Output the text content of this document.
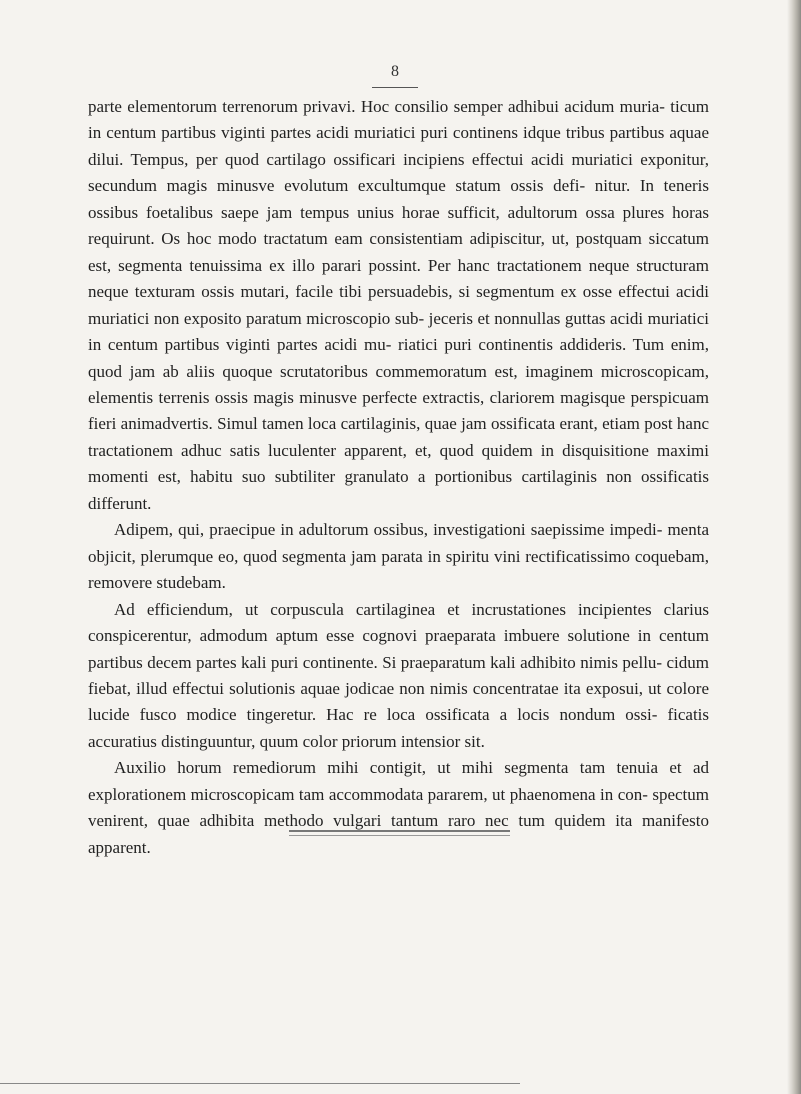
8

parte elementorum terrenorum privavi. Hoc consilio semper adhibui acidum muria- ticum in centum partibus viginti partes acidi muriatici puri continens idque tribus partibus aquae dilui. Tempus, per quod cartilago ossificari incipiens effectui acidi muriatici exponitur, secundum magis minusve evolutum excultumque statum ossis defi- nitur. In teneris ossibus foetalibus saepe jam tempus unius horae sufficit, adultorum ossa plures horas requirunt. Os hoc modo tractatum eam consistentiam adipiscitur, ut, postquam siccatum est, segmenta tenuissima ex illo parari possint. Per hanc tractationem neque structuram neque texturam ossis mutari, facile tibi persuadebis, si segmentum ex osse effectui acidi muriatici non exposito paratum microscopio sub- jeceris et nonnullas guttas acidi muriatici in centum partibus viginti partes acidi mu- riatici puri continentis addideris. Tum enim, quod jam ab aliis quoque scrutatoribus commemoratum est, imaginem microscopicam, elementis terrenis ossis magis minusve perfecte extractis, clariorem magisque perspicuam fieri animadvertis. Simul tamen loca cartilaginis, quae jam ossificata erant, etiam post hanc tractationem adhuc satis luculenter apparent, et, quod quidem in disquisitione maximi momenti est, habitu suo subtiliter granulato a portionibus cartilaginis non ossificatis differunt.

Adipem, qui, praecipue in adultorum ossibus, investigationi saepissime impedi- menta objicit, plerumque eo, quod segmenta jam parata in spiritu vini rectificatissimo coquebam, removere studebam.

Ad efficiendum, ut corpuscula cartilaginea et incrustationes incipientes clarius conspicerentur, admodum aptum esse cognovi praeparata imbuere solutione in centum partibus decem partes kali puri continente. Si praeparatum kali adhibito nimis pellu- cidum fiebat, illud effectui solutionis aquae jodicae non nimis concentratae ita exposui, ut colore lucide fusco modice tingeretur. Hac re loca ossificata a locis nondum ossi- ficatis accuratius distinguuntur, quum color priorum intensior sit.

Auxilio horum remediorum mihi contigit, ut mihi segmenta tam tenuia et ad explorationem microscopicam tam accommodata pararem, ut phaenomena in con- spectum venirent, quae adhibita methodo vulgari tantum raro nec tum quidem ita manifesto apparent.
